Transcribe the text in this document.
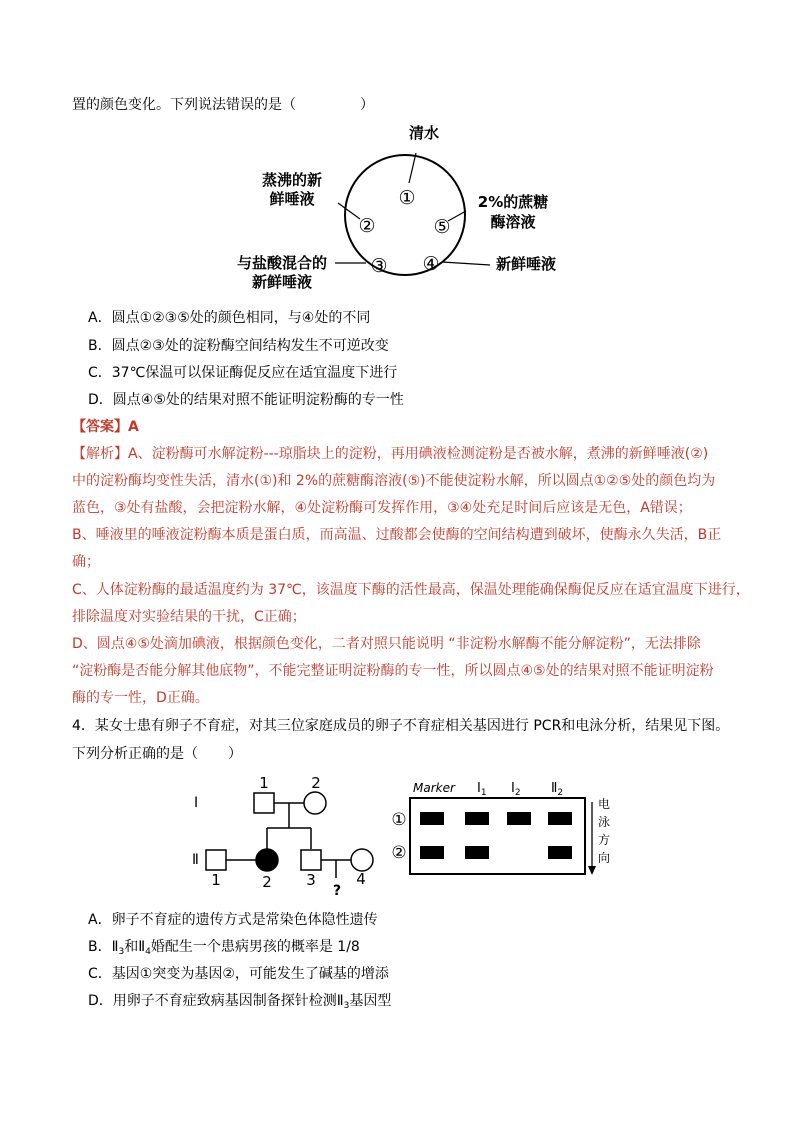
置的颜色变化。下列说法错误的是（	）
①
②
③ ④
⑤
清水
蒸沸的新
鲜唾液
与盐酸混合的
新鲜唾液
2%的蔗糖
酶溶液
新鲜唾液
A．圆点①②③⑤处的颜色相同，与④处的不同
B．圆点②③处的淀粉酶空间结构发生不可逆改变
C．37℃保温可以保证酶促反应在适宜温度下进行
D．圆点④⑤处的结果对照不能证明淀粉酶的专一性
【答案】A
【解析】A、淀粉酶可水解淀粉---琼脂块上的淀粉，再用碘液检测淀粉是否被水解，煮沸的新鲜唾液(②)
中的淀粉酶均变性失活，清水(①)和 2%的蔗糖酶溶液(⑤)不能使淀粉水解，所以圆点①②⑤处的颜色均为
蓝色，③处有盐酸，会把淀粉水解，④处淀粉酶可发挥作用，③④处充足时间后应该是无色，A错误；
B、唾液里的唾液淀粉酶本质是蛋白质，而高温、过酸都会使酶的空间结构遭到破坏，使酶永久失活，B正
确；
C、人体淀粉酶的最适温度约为 37℃，该温度下酶的活性最高，保温处理能确保酶促反应在适宜温度下进行，
排除温度对实验结果的干扰，C正确；
D、圆点④⑤处滴加碘液，根据颜色变化，二者对照只能说明 “非淀粉水解酶不能分解淀粉”，无法排除
“淀粉酶是否能分解其他底物”，不能完整证明淀粉酶的专一性，所以圆点④⑤处的结果对照不能证明淀粉
酶的专一性，D正确。
4．某女士患有卵子不育症，对其三位家庭成员的卵子不育症相关基因进行 PCR和电泳分析，结果见下图。
下列分析正确的是（ ）
Ⅰ
Ⅱ
1	2
1	2 3	4
?
Marker $Ⅰ_1$ $Ⅰ_2$ $Ⅱ_2$
①
②
电
泳
方
向
A．卵子不育症的遗传方式是常染色体隐性遗传
B．$Ⅱ_3$和$Ⅱ_4$婚配生一个患病男孩的概率是 1/8
C．基因①突变为基因②，可能发生了碱基的增添
D．用卵子不育症致病基因制备探针检测$Ⅱ_3$基因型
